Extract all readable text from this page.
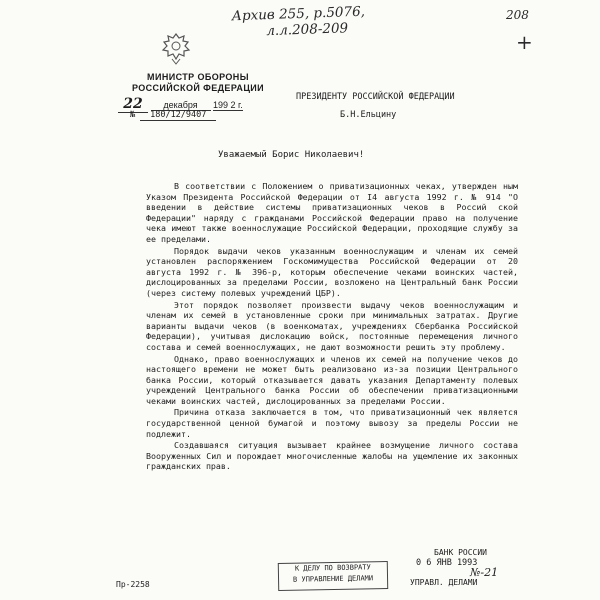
Архив 255, р.5076,
л.л.208-209
208
+
МИНИСТР ОБОРОНЫ
РОССИЙСКОЙ ФЕДЕРАЦИИ
22 декабря 199 2 г.
№ 180/12/9407
ПРЕЗИДЕНТУ РОССИЙСКОЙ ФЕДЕРАЦИИ
Б.Н.Ельцину
Уважаемый Борис Николаевич!

В соответствии с Положением о приватизационных чеках, утвержден ным Указом Президента Российской Федерации от I4 августа 1992 г. № 914 "О введении в действие системы приватизационных чеков в Россий ской Федерации" наряду с гражданами Российской Федерации право на получение чека имеют также военнослужащие Российской Федерации, проходящие службу за ее пределами.

Порядок выдачи чеков указанным военнослужащим и членам их семей установлен распоряжением Госкомимущества Российской Федерации от 20 августа 1992 г. № 396-р, которым обеспечение чеками воинских частей, дислоцированных за пределами России, возложено на Центральный банк России (через систему полевых учреждений ЦБР).

Этот порядок позволяет произвести выдачу чеков военнослужащим и членам их семей в установленные сроки при минимальных затратах. Другие варианты выдачи чеков (в военкоматах, учреждениях Сбербанка Российской Федерации), учитывая дислокацию войск, постоянные перемещения личного состава и семей военнослужащих, не дают возможности решить эту проблему.

Однако, право военнослужащих и членов их семей на получение чеков до настоящего времени не может быть реализовано из-за позиции Центрального банка России, который отказывается давать указания Департаменту полевых учреждений Центрального банка России об обеспечении приватизационными чеками воинских частей, дислоцированных за пределами России.

Причина отказа заключается в том, что приватизационный чек является государственной ценной бумагой и поэтому вывозу за пределы России не подлежит.

Создавшаяся ситуация вызывает крайнее возмущение личного состава Вооруженных Сил и порождает многочисленные жалобы на ущемление их законных гражданских прав.

К ДЕЛУ ПО ВОЗВРАТУ
В УПРАВЛЕНИЕ ДЕЛАМИ
БАНК РОССИИ
0 6 ЯНВ 1993
№-21
УПРАВЛ. ДЕЛАМИ
Пр-2258
